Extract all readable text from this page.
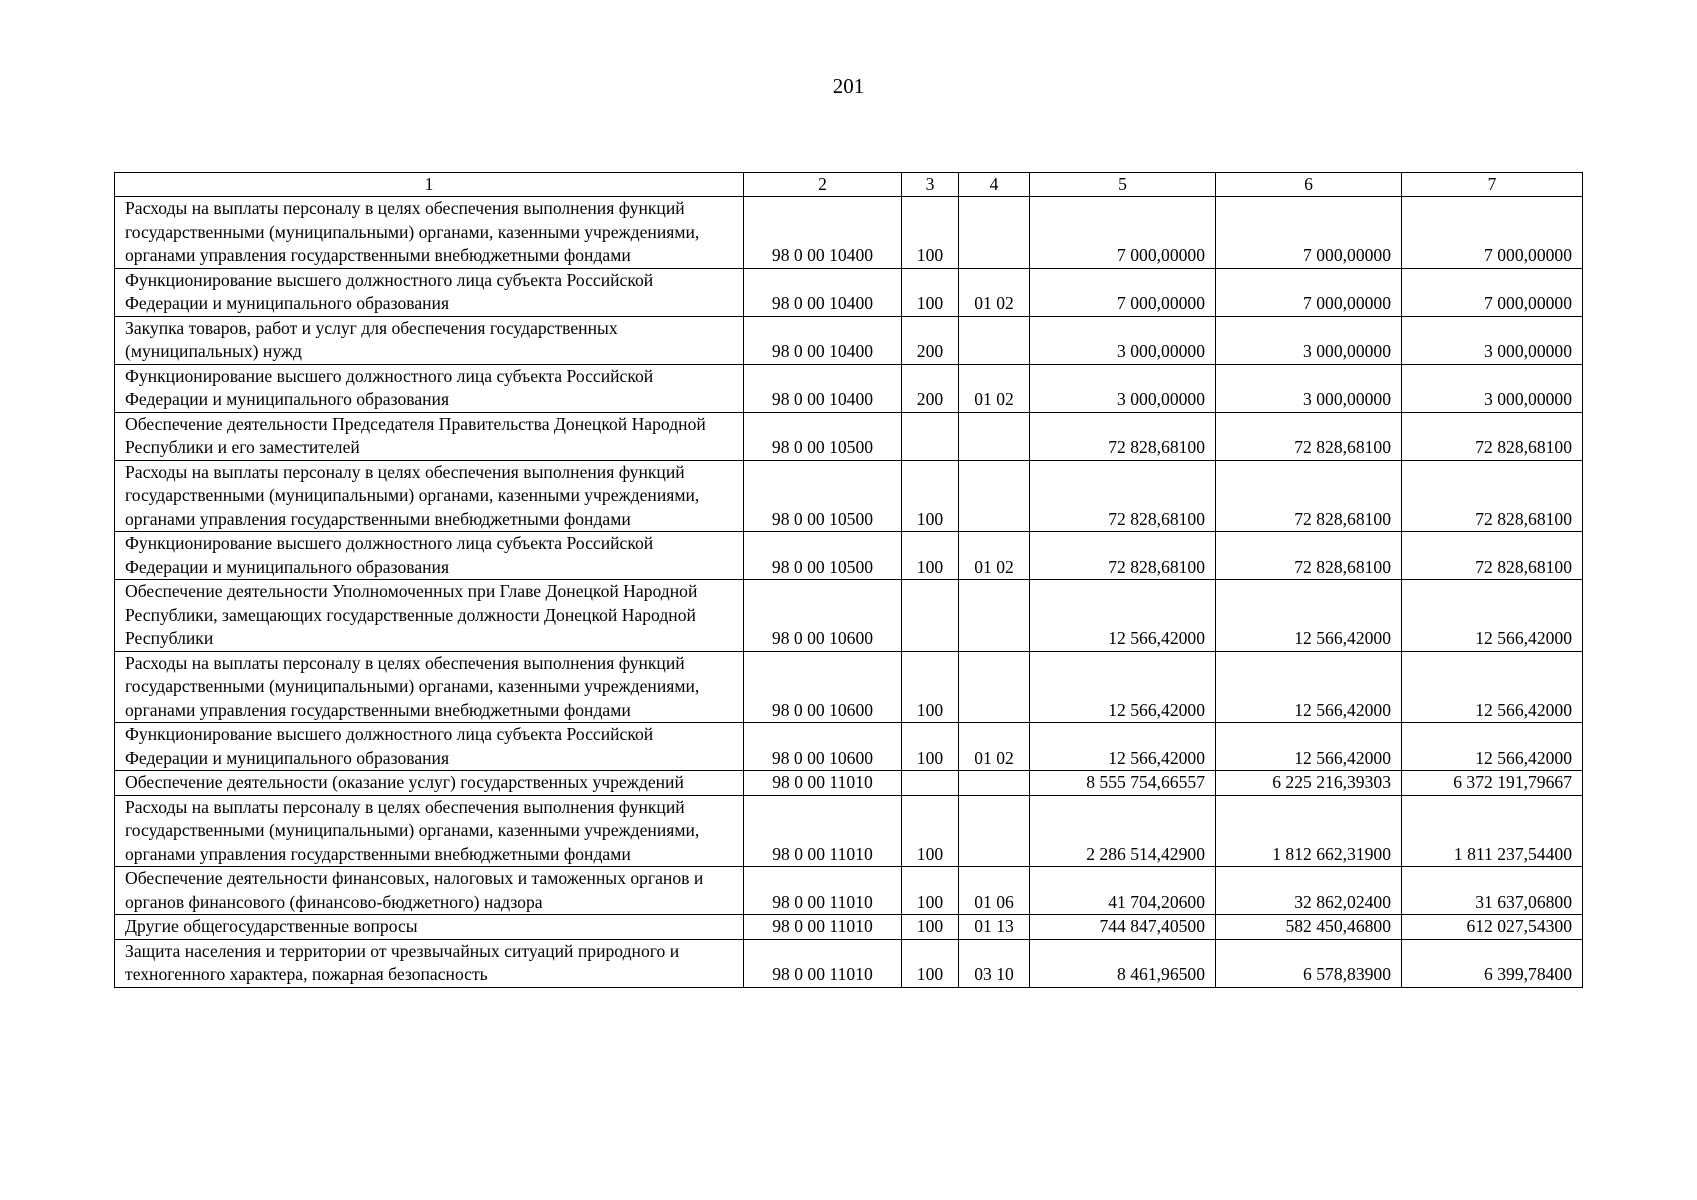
201
1	2	3	4	5	6	7
Расходы на выплаты персоналу в целях обеспечения выполнения функций государственными (муниципальными) органами, казенными учреждениями, органами управления государственными внебюджетными фондами	98 0 00 10400	100		7 000,00000	7 000,00000	7 000,00000
Функционирование высшего должностного лица субъекта Российской Федерации и муниципального образования	98 0 00 10400	100	01 02	7 000,00000	7 000,00000	7 000,00000
Закупка товаров, работ и услуг для обеспечения государственных (муниципальных) нужд	98 0 00 10400	200		3 000,00000	3 000,00000	3 000,00000
Функционирование высшего должностного лица субъекта Российской Федерации и муниципального образования	98 0 00 10400	200	01 02	3 000,00000	3 000,00000	3 000,00000
Обеспечение деятельности Председателя Правительства Донецкой Народной Республики и его заместителей	98 0 00 10500			72 828,68100	72 828,68100	72 828,68100
Расходы на выплаты персоналу в целях обеспечения выполнения функций государственными (муниципальными) органами, казенными учреждениями, органами управления государственными внебюджетными фондами	98 0 00 10500	100		72 828,68100	72 828,68100	72 828,68100
Функционирование высшего должностного лица субъекта Российской Федерации и муниципального образования	98 0 00 10500	100	01 02	72 828,68100	72 828,68100	72 828,68100
Обеспечение деятельности Уполномоченных при Главе Донецкой Народной Республики, замещающих государственные должности Донецкой Народной Республики	98 0 00 10600			12 566,42000	12 566,42000	12 566,42000
Расходы на выплаты персоналу в целях обеспечения выполнения функций государственными (муниципальными) органами, казенными учреждениями, органами управления государственными внебюджетными фондами	98 0 00 10600	100		12 566,42000	12 566,42000	12 566,42000
Функционирование высшего должностного лица субъекта Российской Федерации и муниципального образования	98 0 00 10600	100	01 02	12 566,42000	12 566,42000	12 566,42000
Обеспечение деятельности (оказание услуг) государственных учреждений	98 0 00 11010			8 555 754,66557	6 225 216,39303	6 372 191,79667
Расходы на выплаты персоналу в целях обеспечения выполнения функций государственными (муниципальными) органами, казенными учреждениями, органами управления государственными внебюджетными фондами	98 0 00 11010	100		2 286 514,42900	1 812 662,31900	1 811 237,54400
Обеспечение деятельности финансовых, налоговых и таможенных органов и органов финансового (финансово-бюджетного) надзора	98 0 00 11010	100	01 06	41 704,20600	32 862,02400	31 637,06800
Другие общегосударственные вопросы	98 0 00 11010	100	01 13	744 847,40500	582 450,46800	612 027,54300
Защита населения и территории от чрезвычайных ситуаций природного и техногенного характера, пожарная безопасность	98 0 00 11010	100	03 10	8 461,96500	6 578,83900	6 399,78400
